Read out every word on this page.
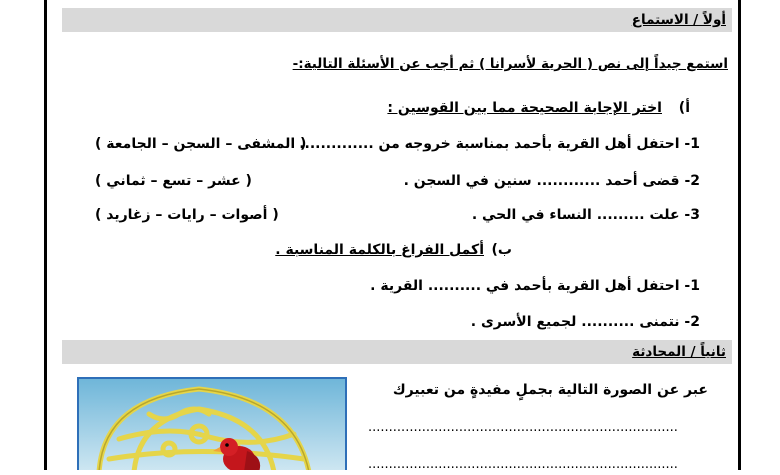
أولاً / الاستماع
استمع جيداً إلى نص ( الحرية لأسرانا ) ثم أجب عن الأسئلة التالية:-
أ)
اختر الإجابة الصحيحة مما بين القوسين :
1- احتفل أهل القرية بأحمد بمناسبة خروجه من ..............
( المشفى – السجن – الجامعة )
2- قضى أحمد ............ سنين في السجن .
( عشر – تسع – ثماني )
3- علت ......... النساء في الحي .
( أصوات – رايات – زغاريد )
ب)
أكمل الفراغ بالكلمة المناسبة .
1- احتفل أهل القرية بأحمد في .......... القرية .
2- نتمنى .......... لجميع الأسرى .
ثانياً / المحادثة
عبر عن الصورة التالية بجملٍ مفيدةٍ من تعبيرك
...........................................................................
...........................................................................
